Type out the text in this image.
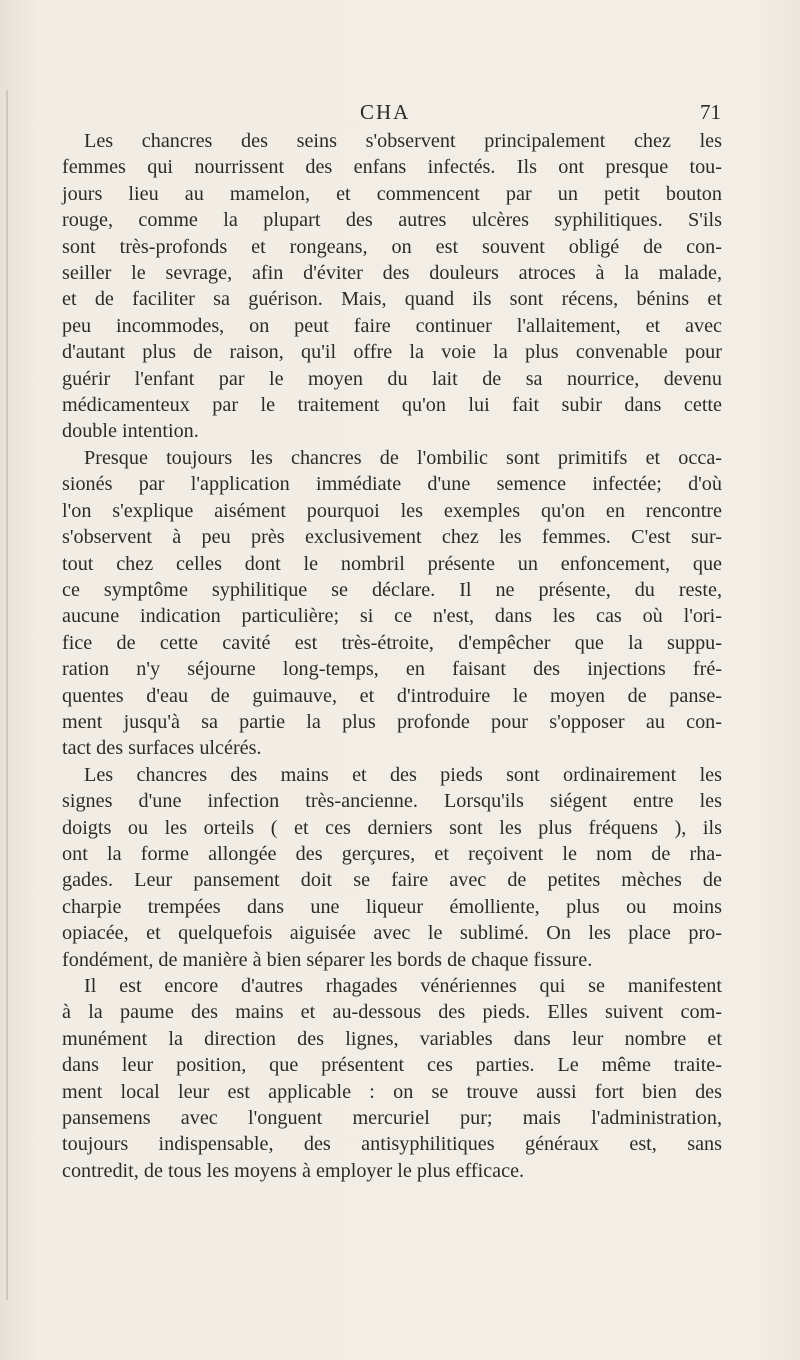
CHA	71

Les chancres des seins s'observent principalement chez les
femmes qui nourrissent des enfans infectés. Ils ont presque tou-
jours lieu au mamelon, et commencent par un petit bouton
rouge, comme la plupart des autres ulcères syphilitiques. S'ils
sont très-profonds et rongeans, on est souvent obligé de con-
seiller le sevrage, afin d'éviter des douleurs atroces à la malade,
et de faciliter sa guérison. Mais, quand ils sont récens, bénins et
peu incommodes, on peut faire continuer l'allaitement, et avec
d'autant plus de raison, qu'il offre la voie la plus convenable pour
guérir l'enfant par le moyen du lait de sa nourrice, devenu
médicamenteux par le traitement qu'on lui fait subir dans cette
double intention.

Presque toujours les chancres de l'ombilic sont primitifs et occa-
sionés par l'application immédiate d'une semence infectée; d'où
l'on s'explique aisément pourquoi les exemples qu'on en rencontre
s'observent à peu près exclusivement chez les femmes. C'est sur-
tout chez celles dont le nombril présente un enfoncement, que
ce symptôme syphilitique se déclare. Il ne présente, du reste,
aucune indication particulière; si ce n'est, dans les cas où l'ori-
fice de cette cavité est très-étroite, d'empêcher que la suppu-
ration n'y séjourne long-temps, en faisant des injections fré-
quentes d'eau de guimauve, et d'introduire le moyen de panse-
ment jusqu'à sa partie la plus profonde pour s'opposer au con-
tact des surfaces ulcérés.

Les chancres des mains et des pieds sont ordinairement les
signes d'une infection très-ancienne. Lorsqu'ils siégent entre les
doigts ou les orteils ( et ces derniers sont les plus fréquens ), ils
ont la forme allongée des gerçures, et reçoivent le nom de rha-
gades. Leur pansement doit se faire avec de petites mèches de
charpie trempées dans une liqueur émolliente, plus ou moins
opiacée, et quelquefois aiguisée avec le sublimé. On les place pro-
fondément, de manière à bien séparer les bords de chaque fissure.

Il est encore d'autres rhagades vénériennes qui se manifestent
à la paume des mains et au-dessous des pieds. Elles suivent com-
munément la direction des lignes, variables dans leur nombre et
dans leur position, que présentent ces parties. Le même traite-
ment local leur est applicable : on se trouve aussi fort bien des
pansemens avec l'onguent mercuriel pur; mais l'administration,
toujours indispensable, des antisyphilitiques généraux est, sans
contredit, de tous les moyens à employer le plus efficace.
